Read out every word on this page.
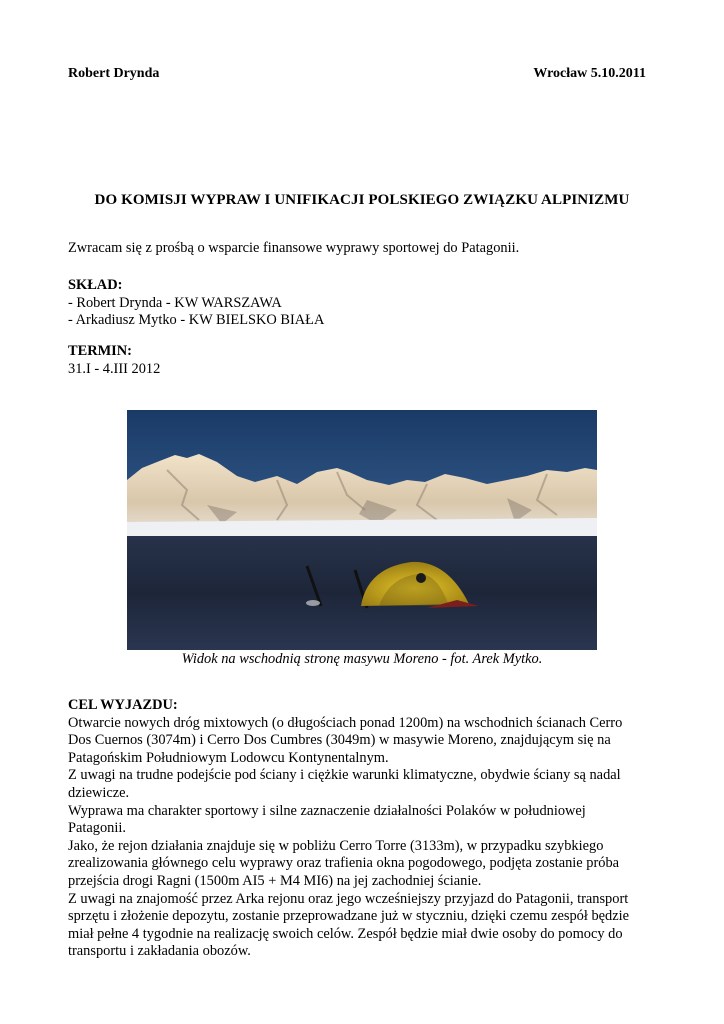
Robert Drynda	Wrocław 5.10.2011
DO KOMISJI WYPRAW I UNIFIKACJI POLSKIEGO ZWIĄZKU ALPINIZMU
Zwracam się z prośbą o wsparcie finansowe wyprawy sportowej do Patagonii.
SKŁAD:
- Robert Drynda - KW WARSZAWA
- Arkadiusz Mytko - KW BIELSKO BIAŁA
TERMIN:
31.I - 4.III 2012
Widok na wschodnią stronę masywu Moreno - fot. Arek Mytko.
CEL WYJAZDU:
Otwarcie nowych dróg mixtowych (o długościach ponad 1200m) na wschodnich ścianach Cerro
Dos Cuernos (3074m) i Cerro Dos Cumbres (3049m) w masywie Moreno, znajdującym się na
Patagońskim Południowym Lodowcu Kontynentalnym.
Z uwagi na trudne podejście pod ściany i ciężkie warunki klimatyczne, obydwie ściany są nadal
dziewicze.
Wyprawa ma charakter sportowy i silne zaznaczenie działalności Polaków w południowej
Patagonii.
Jako, że rejon działania znajduje się w pobliżu Cerro Torre (3133m), w przypadku szybkiego
zrealizowania głównego celu wyprawy oraz trafienia okna pogodowego, podjęta zostanie próba
przejścia drogi Ragni (1500m AI5 + M4 MI6) na jej zachodniej ścianie.
Z uwagi na znajomość przez Arka rejonu oraz jego wcześniejszy przyjazd do Patagonii, transport
sprzętu i złożenie depozytu, zostanie przeprowadzane już w styczniu, dzięki czemu zespół będzie
miał pełne 4 tygodnie na realizację swoich celów. Zespół będzie miał dwie osoby do pomocy do
transportu i zakładania obozów.
